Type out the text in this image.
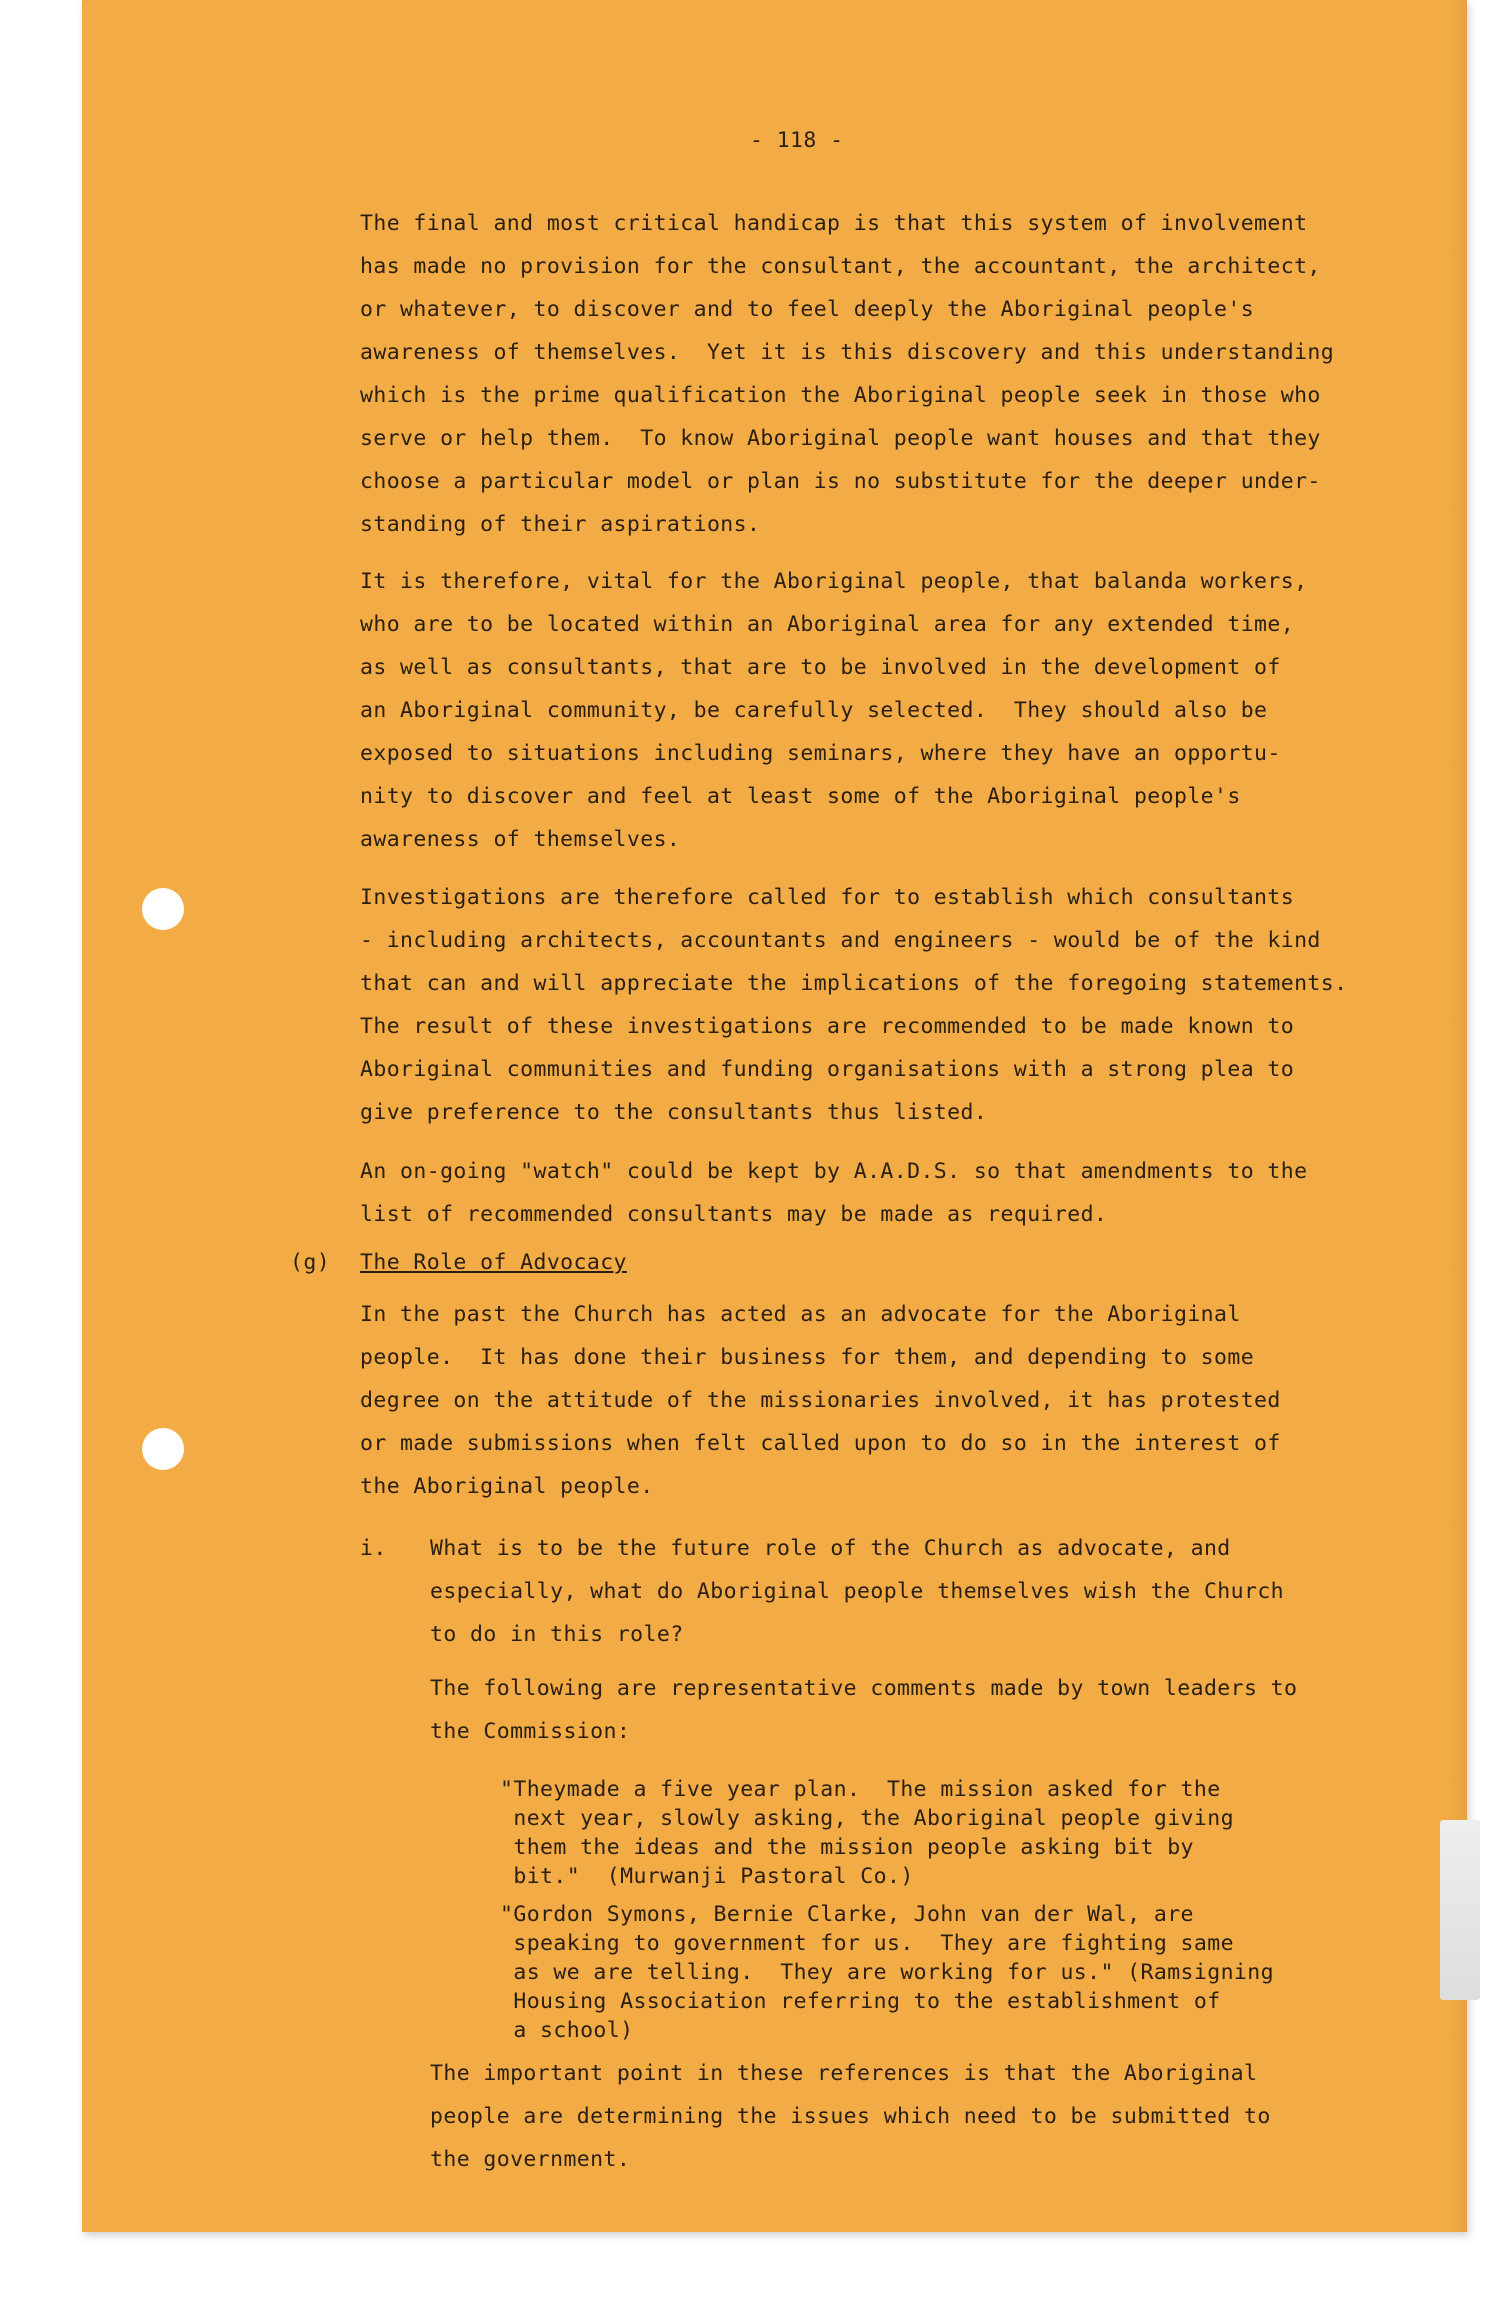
- 118 -
The final and most critical handicap is that this system of involvement
has made no provision for the consultant, the accountant, the architect,
or whatever, to discover and to feel deeply the Aboriginal people's
awareness of themselves.  Yet it is this discovery and this understanding
which is the prime qualification the Aboriginal people seek in those who
serve or help them.  To know Aboriginal people want houses and that they
choose a particular model or plan is no substitute for the deeper under-
standing of their aspirations.
It is therefore, vital for the Aboriginal people, that balanda workers,
who are to be located within an Aboriginal area for any extended time,
as well as consultants, that are to be involved in the development of
an Aboriginal community, be carefully selected.  They should also be
exposed to situations including seminars, where they have an opportu-
nity to discover and feel at least some of the Aboriginal people's
awareness of themselves.
Investigations are therefore called for to establish which consultants
- including architects, accountants and engineers - would be of the kind
that can and will appreciate the implications of the foregoing statements.
The result of these investigations are recommended to be made known to
Aboriginal communities and funding organisations with a strong plea to
give preference to the consultants thus listed.
An on-going "watch" could be kept by A.A.D.S. so that amendments to the
list of recommended consultants may be made as required.
(g) The Role of Advocacy
In the past the Church has acted as an advocate for the Aboriginal
people.  It has done their business for them, and depending to some
degree on the attitude of the missionaries involved, it has protested
or made submissions when felt called upon to do so in the interest of
the Aboriginal people.
i. What is to be the future role of the Church as advocate, and
especially, what do Aboriginal people themselves wish the Church
to do in this role?
The following are representative comments made by town leaders to
the Commission:
"Theymade a five year plan.  The mission asked for the
next year, slowly asking, the Aboriginal people giving
them the ideas and the mission people asking bit by
bit."  (Murwanji Pastoral Co.)
"Gordon Symons, Bernie Clarke, John van der Wal, are
speaking to government for us.  They are fighting same
as we are telling.  They are working for us." (Ramsigning
Housing Association referring to the establishment of
a school)
The important point in these references is that the Aboriginal
people are determining the issues which need to be submitted to
the government.
